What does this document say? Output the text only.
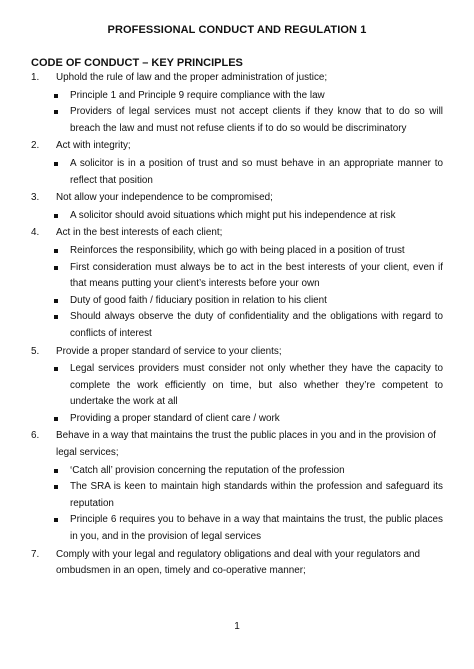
PROFESSIONAL CONDUCT AND REGULATION 1
CODE OF CONDUCT – KEY PRINCIPLES
1. Uphold the rule of law and the proper administration of justice;
Principle 1 and Principle 9 require compliance with the law
Providers of legal services must not accept clients if they know that to do so will breach the law and must not refuse clients if to do so would be discriminatory
2. Act with integrity;
A solicitor is in a position of trust and so must behave in an appropriate manner to reflect that position
3. Not allow your independence to be compromised;
A solicitor should avoid situations which might put his independence at risk
4. Act in the best interests of each client;
Reinforces the responsibility, which go with being placed in a position of trust
First consideration must always be to act in the best interests of your client, even if that means putting your client’s interests before your own
Duty of good faith / fiduciary position in relation to his client
Should always observe the duty of confidentiality and the obligations with regard to conflicts of interest
5. Provide a proper standard of service to your clients;
Legal services providers must consider not only whether they have the capacity to complete the work efficiently on time, but also whether they’re competent to undertake the work at all
Providing a proper standard of client care / work
6. Behave in a way that maintains the trust the public places in you and in the provision of legal services;
‘Catch all’ provision concerning the reputation of the profession
The SRA is keen to maintain high standards within the profession and safeguard its reputation
Principle 6 requires you to behave in a way that maintains the trust, the public places in you, and in the provision of legal services
7. Comply with your legal and regulatory obligations and deal with your regulators and ombudsmen in an open, timely and co-operative manner;
1
